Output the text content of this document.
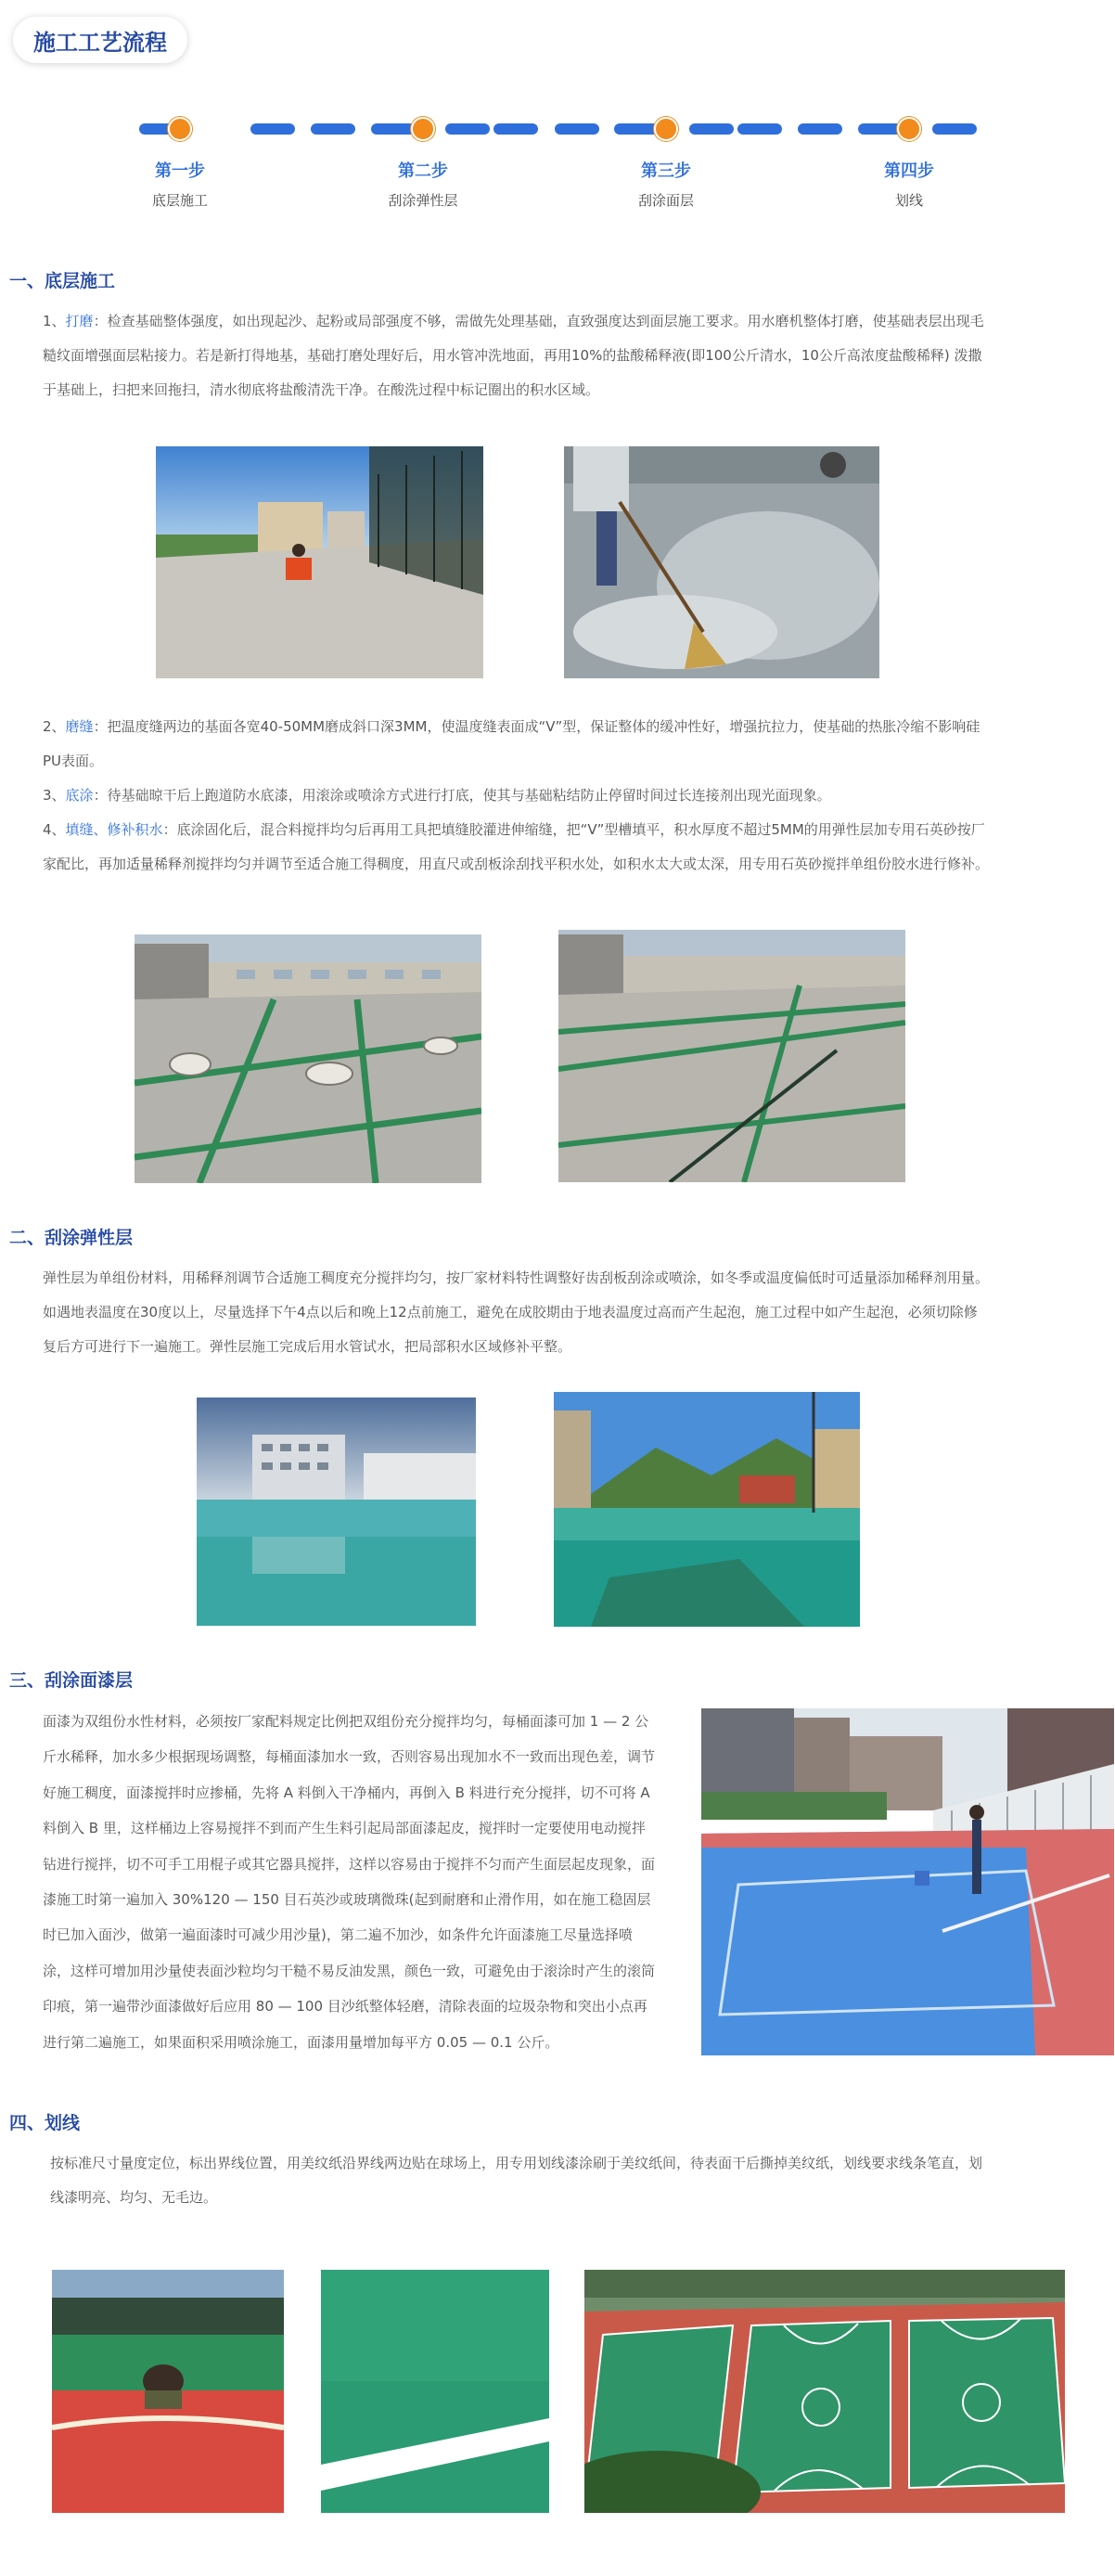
施工工艺流程
第一步
底层施工
第二步
刮涂弹性层
第三步
刮涂面层
第四步
划线
一、底层施工

1、打磨：检查基础整体强度，如出现起沙、起粉或局部强度不够，需做先处理基础，直致强度达到面层施工要求。用水磨机整体打磨，使基础表层出现毛糙纹面增强面层粘接力。若是新打得地基，基础打磨处理好后，用水管冲洗地面，再用10%的盐酸稀释液(即100公斤清水，10公斤高浓度盐酸稀释) 泼撒于基础上，扫把来回拖扫，清水彻底将盐酸清洗干净。在酸洗过程中标记圈出的积水区域。

2、磨缝：把温度缝两边的基面各宽40-50MM磨成斜口深3MM，使温度缝表面成“V”型，保证整体的缓冲性好，增强抗拉力，使基础的热胀冷缩不影响硅PU表面。

3、底涂：待基础晾干后上跑道防水底漆，用滚涂或喷涂方式进行打底，使其与基础粘结防止停留时间过长连接剂出现光面现象。

4、填缝、修补积水：底涂固化后，混合料搅拌均匀后再用工具把填缝胶灌进伸缩缝，把“V”型槽填平，积水厚度不超过5MM的用弹性层加专用石英砂按厂家配比，再加适量稀释剂搅拌均匀并调节至适合施工得稠度，用直尺或刮板涂刮找平积水处，如积水太大或太深，用专用石英砂搅拌单组份胶水进行修补。

二、刮涂弹性层

弹性层为单组份材料，用稀释剂调节合适施工稠度充分搅拌均匀，按厂家材料特性调整好齿刮板刮涂或喷涂，如冬季或温度偏低时可适量添加稀释剂用量。如遇地表温度在30度以上，尽量选择下午4点以后和晚上12点前施工，避免在成胶期由于地表温度过高而产生起泡，施工过程中如产生起泡，必须切除修复后方可进行下一遍施工。弹性层施工完成后用水管试水，把局部积水区域修补平整。

三、刮涂面漆层

面漆为双组份水性材料，必须按厂家配料规定比例把双组份充分搅拌均匀，每桶面漆可加 1 — 2 公斤水稀释，加水多少根据现场调整，每桶面漆加水一致，否则容易出现加水不一致而出现色差，调节好施工稠度，面漆搅拌时应掺桶，先将 A 料倒入干净桶内，再倒入 B 料进行充分搅拌，切不可将 A 料倒入 B 里，这样桶边上容易搅拌不到而产生生料引起局部面漆起皮，搅拌时一定要使用电动搅拌钻进行搅拌，切不可手工用棍子或其它器具搅拌，这样以容易由于搅拌不匀而产生面层起皮现象，面漆施工时第一遍加入 30%120 — 150 目石英沙或玻璃微珠(起到耐磨和止滑作用，如在施工稳固层时已加入面沙，做第一遍面漆时可减少用沙量)，第二遍不加沙，如条件允许面漆施工尽量选择喷涂，这样可增加用沙量使表面沙粒均匀干糙不易反油发黑，颜色一致，可避免由于滚涂时产生的滚筒印痕，第一遍带沙面漆做好后应用 80 — 100 目沙纸整体轻磨，清除表面的垃圾杂物和突出小点再进行第二遍施工，如果面积采用喷涂施工，面漆用量增加每平方 0.05 — 0.1 公斤。

四、划线

按标准尺寸量度定位，标出界线位置，用美纹纸沿界线两边贴在球场上，用专用划线漆涂刷于美纹纸间，待表面干后撕掉美纹纸，划线要求线条笔直，划线漆明亮、均匀、无毛边。
